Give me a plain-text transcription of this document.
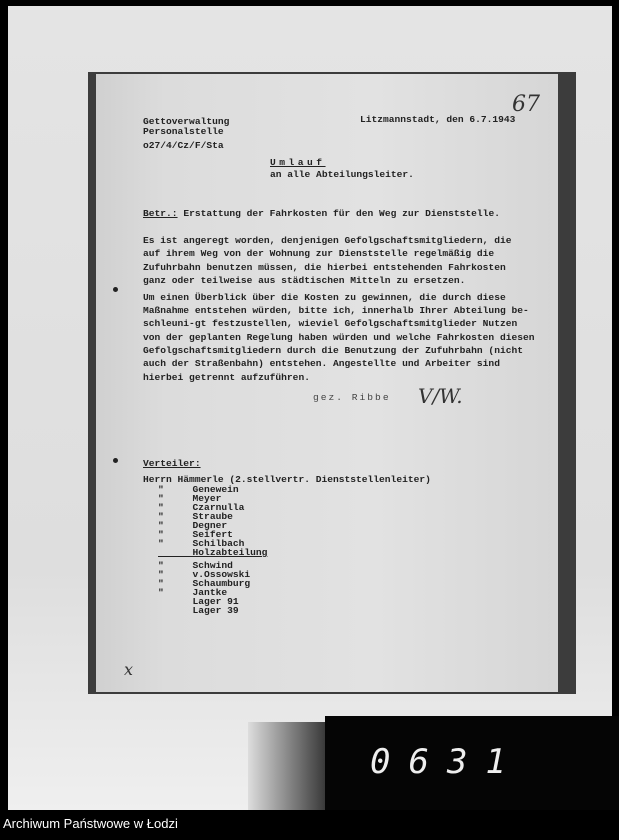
Gettoverwaltung
Personalstelle
o27/4/Cz/F/Sta
Litzmannstadt, den 6.7.1943
67
Umlauf
an alle Abteilungsleiter.
Betr.: Erstattung der Fahrkosten für den Weg zur Dienststelle.
Es ist angeregt worden, denjenigen Gefolgschaftsmitgliedern, die
auf ihrem Weg von der Wohnung zur Dienststelle regelmäßig die
Zufuhrbahn benutzen müssen, die hierbei entstehenden Fahrkosten
ganz oder teilweise aus städtischen Mitteln zu ersetzen.
Um einen Überblick über die Kosten zu gewinnen, die durch diese
Maßnahme entstehen würden, bitte ich, innerhalb Ihrer Abteilung be-
schleuni-gt festzustellen, wieviel Gefolgschaftsmitglieder Nutzen
von der geplanten Regelung haben würden und welche Fahrkosten diesen
Gefolgschaftsmitgliedern durch die Benutzung der Zufuhrbahn (nicht
auch der Straßenbahn) entstehen. Angestellte und Arbeiter sind
hierbei getrennt aufzuführen.
gez. Ribbe V/W.
Verteiler:
Herrn Hämmerle (2.stellvertr. Dienststellenleiter)
"     Genewein
"     Meyer
"     Czarnulla
"     Straube
"     Degner
"     Seifert
"     Schilbach
Holzabteilung
"     Schwind
"     v.Ossowski
"     Schaumburg
"     Jantke
Lager 91
Lager 39
x
0631
Archiwum Państwowe w Łodzi
